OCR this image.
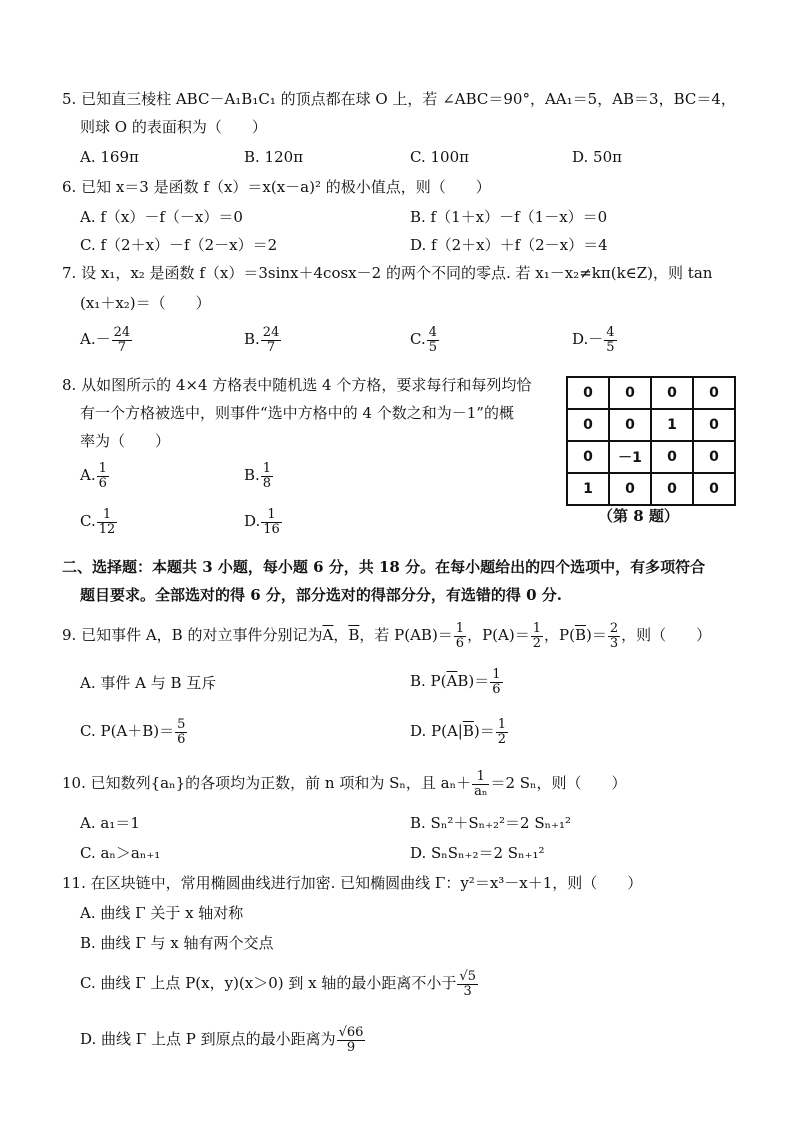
5. 已知直三棱柱 ABC－A₁B₁C₁ 的顶点都在球 O 上，若 ∠ABC＝90°，AA₁＝5，AB＝3，BC＝4，
则球 O 的表面积为（　　）
A. 169π	B. 120π	C. 100π	D. 50π
6. 已知 x＝3 是函数 f（x）＝x(x－a)² 的极小值点，则（　　）
A. f（x）－f（－x）＝0	B. f（1＋x）－f（1－x）＝0
C. f（2＋x）－f（2－x）＝2	D. f（2＋x）＋f（2－x）＝4
7. 设 x₁，x₂ 是函数 f（x）＝3sinx＋4cosx－2 的两个不同的零点. 若 x₁－x₂≠kπ(k∈Z)，则 tan
(x₁＋x₂)＝（　　）
$A.- \frac{24}{7}$	B. $\frac{24}{7}$	C. $\frac{4}{5}$	$D.- \frac{4}{5}$
8. 从如图所示的 4×4 方格表中随机选 4 个方格，要求每行和每列均恰
有一个方格被选中，则事件“选中方格中的 4 个数之和为－1”的概
率为（　　）
A. $\frac{1}{6}$	B. $\frac{1}{8}$
C. $\frac{1}{12}$	D. $\frac{1}{16}$
0	0	0	0
0	0	1	0
0	－1	0	0
1	0	0	0
（第 8 题）
二、选择题：本题共 3 小题，每小题 6 分，共 18 分。在每小题给出的四个选项中，有多项符合
题目要求。全部选对的得 6 分，部分选对的得部分分，有选错的得 0 分.
9. 已知事件 A，B 的对立事件分别记为$\overline{A}$，$\overline{B}$，若 $P(AB)= \frac{1}{6}$ ，$P(A)= \frac{1}{2}$ ，$P(\overline{B})= \frac{2}{3}$ ，则（　　）
A. 事件 A 与 B 互斥	B. $P(\overline{A}B)= \frac{1}{6}$
C. $P(A+B)= \frac{5}{6}$	D. $P(A|\overline{B})= \frac{1}{2}$
10. 已知数列{aₙ}的各项均为正数，前 n 项和为 Sₙ，且 $a_n+ \frac{1}{\text{aₙ}} =2$ Sₙ，则（　　）
A. a₁＝1	B. Sₙ²＋Sₙ₊₂²＝2 Sₙ₊₁²
C. aₙ＞aₙ₊₁	D. SₙSₙ₊₂＝2 Sₙ₊₁²
11. 在区块链中，常用椭圆曲线进行加密. 已知椭圆曲线 Γ：y²＝x³－x＋1，则（　　）
A. 曲线 Γ 关于 x 轴对称
B. 曲线 Γ 与 x 轴有两个交点
C. 曲线 Γ 上点 P(x，y)(x＞0) 到 x 轴的最小距离不小于 $\frac{√5}{3}$
D. 曲线 Γ 上点 P 到原点的最小距离为 $\frac{√66}{9}$
